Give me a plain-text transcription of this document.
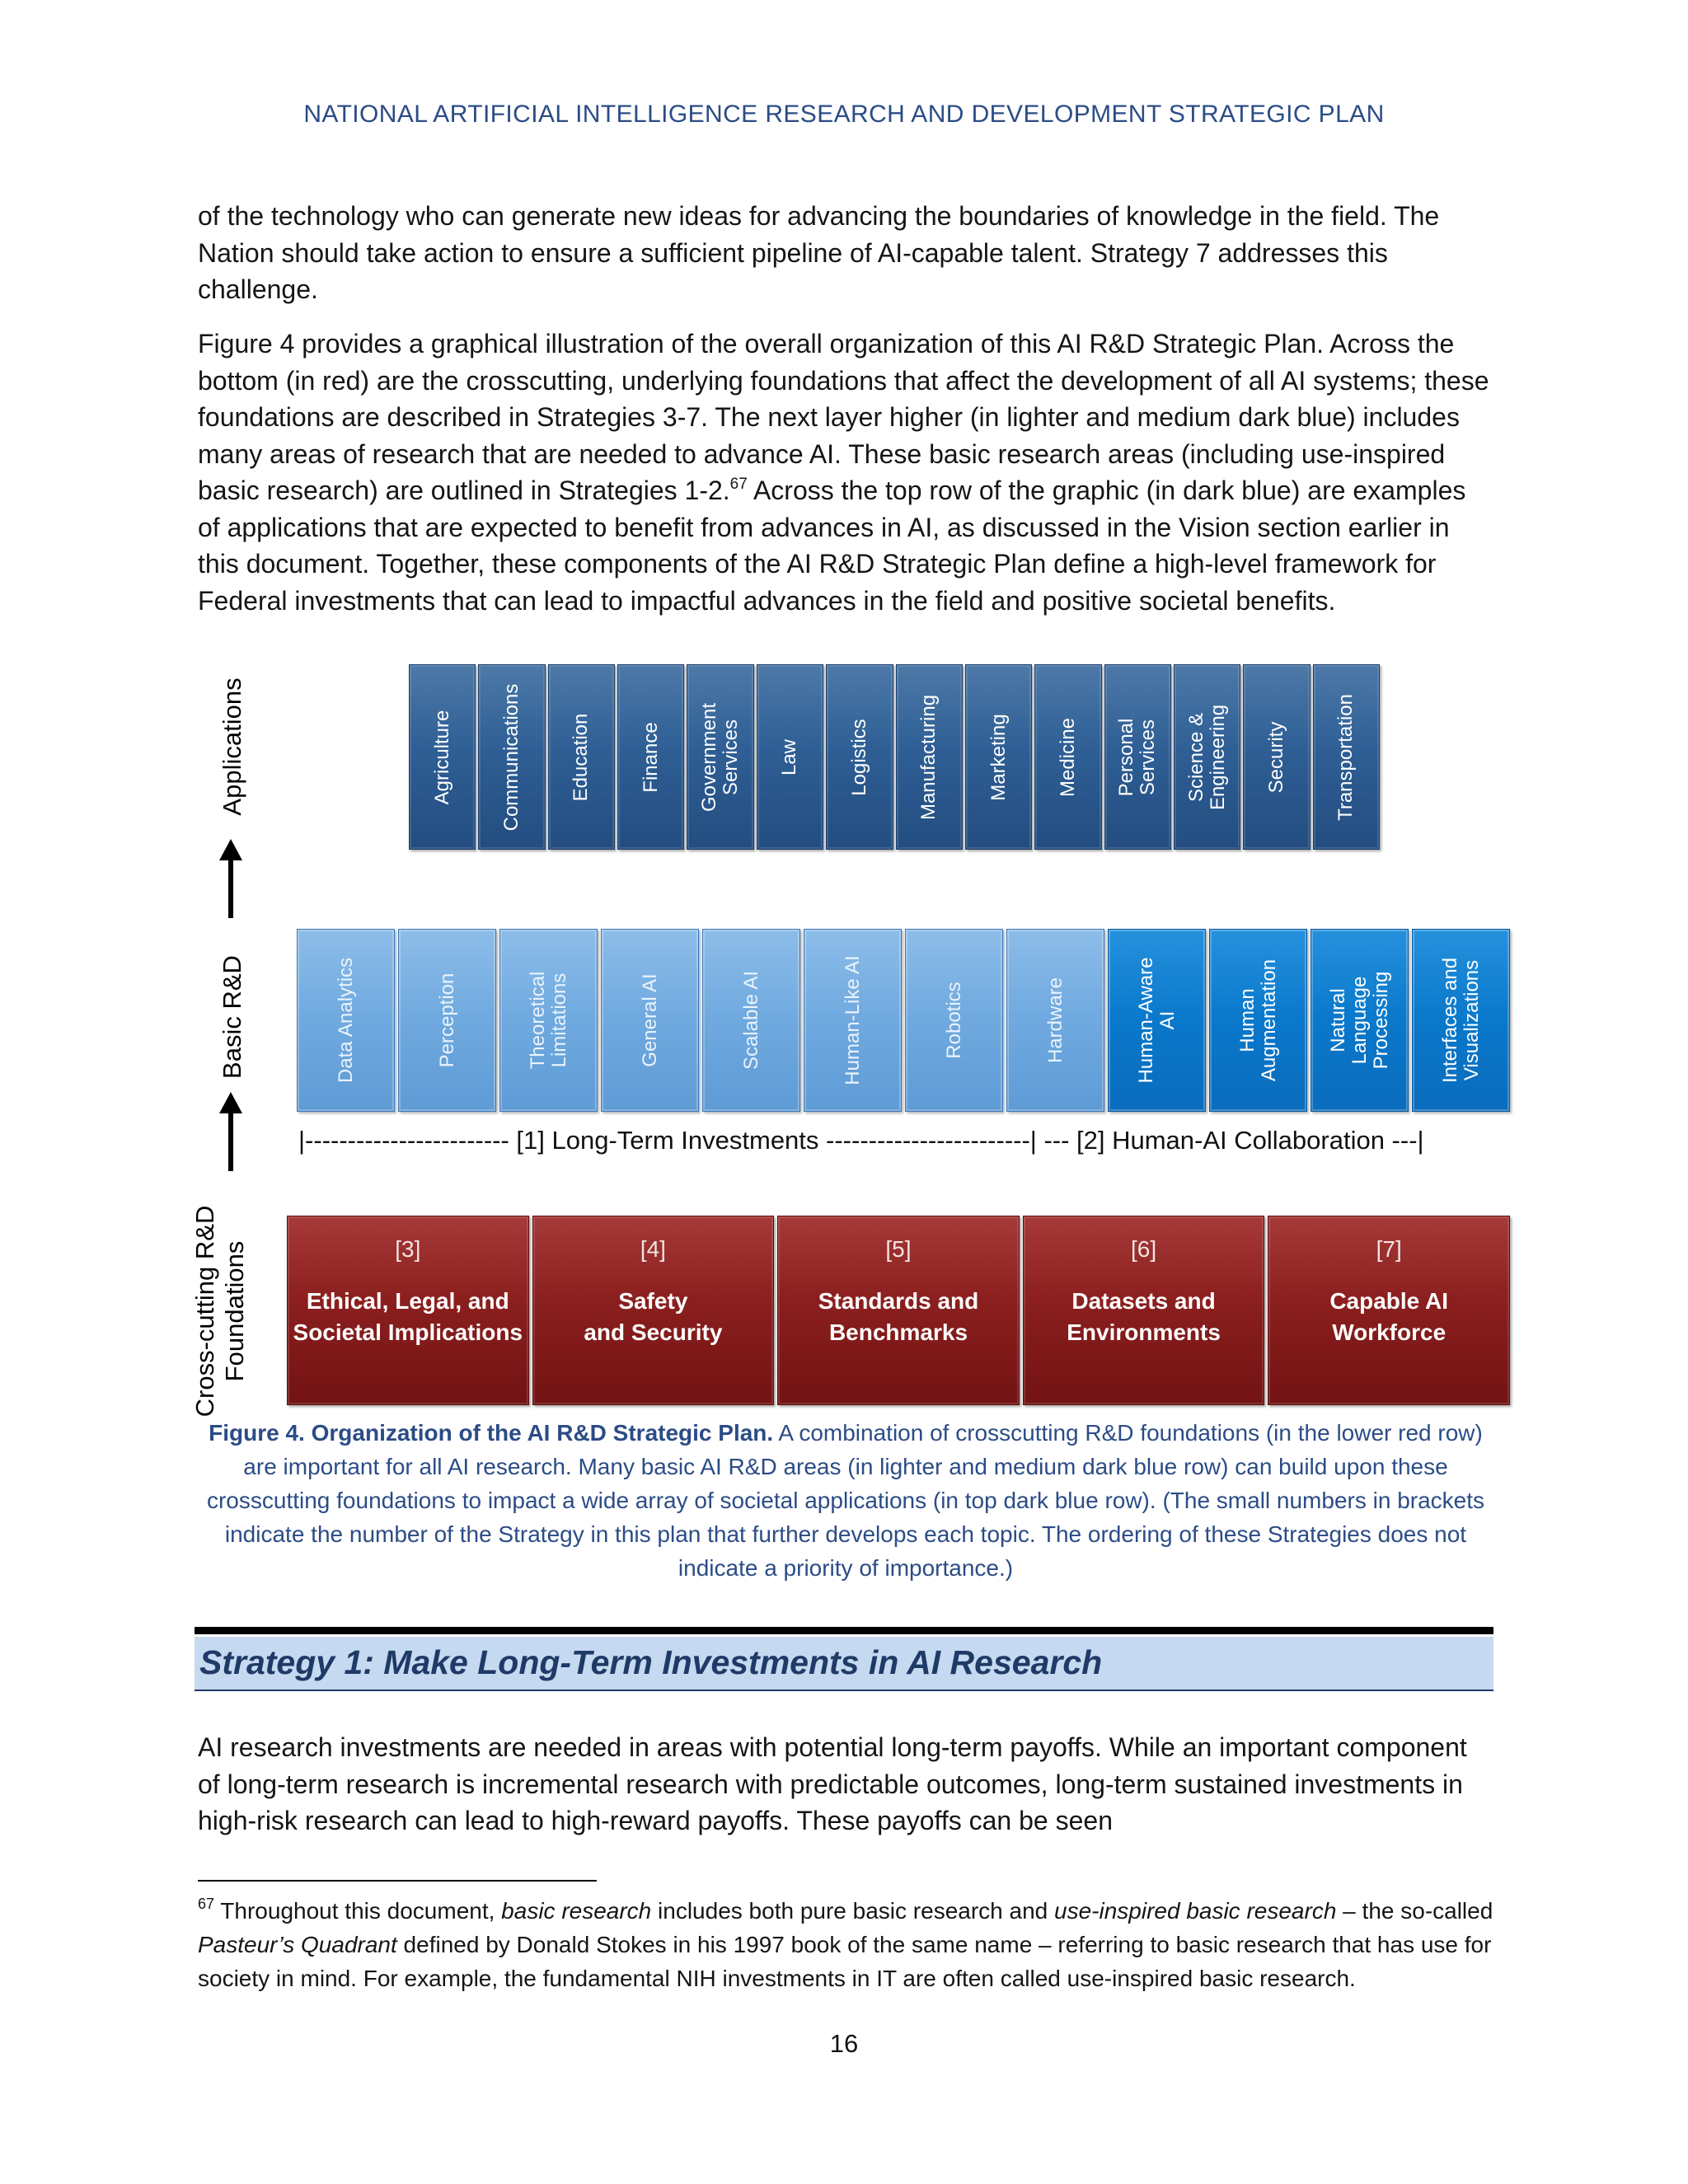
NATIONAL ARTIFICIAL INTELLIGENCE RESEARCH AND DEVELOPMENT STRATEGIC PLAN

of the technology who can generate new ideas for advancing the boundaries of knowledge in the field. The Nation should take action to ensure a sufficient pipeline of AI-capable talent. Strategy 7 addresses this challenge.

Figure 4 provides a graphical illustration of the overall organization of this AI R&D Strategic Plan. Across the bottom (in red) are the crosscutting, underlying foundations that affect the development of all AI systems; these foundations are described in Strategies 3-7. The next layer higher (in lighter and medium dark blue) includes many areas of research that are needed to advance AI. These basic research areas (including use-inspired basic research) are outlined in Strategies 1-2.67 Across the top row of the graphic (in dark blue) are examples of applications that are expected to benefit from advances in AI, as discussed in the Vision section earlier in this document. Together, these components of the AI R&D Strategic Plan define a high-level framework for Federal investments that can lead to impactful advances in the field and positive societal benefits.

Applications
Basic R&D
Cross-cutting R&D Foundations
Agriculture Communications Education Finance Government
Services Law Logistics Manufacturing Marketing Medicine Personal
Services Science &
Engineering Security Transportation
Data Analytics	Perception	Theoretical
Limitations	General AI	Scalable AI	Human-Like AI	Robotics	Hardware	Human-Aware
AI	Human
Augmentation Natural
Language
Processing Interfaces and
Visualizations
|------------------------ [1] Long-Term Investments ------------------------| --- [2] Human-AI Collaboration ---|
[3]
Ethical, Legal, and
Societal Implications
[4]
Safety
and Security
[5]
Standards and
Benchmarks
[6]
Datasets and
Environments
[7]
Capable AI
Workforce

Figure 4. Organization of the AI R&D Strategic Plan. A combination of crosscutting R&D foundations (in the lower red row) are important for all AI research. Many basic AI R&D areas (in lighter and medium dark blue row) can build upon these crosscutting foundations to impact a wide array of societal applications (in top dark blue row). (The small numbers in brackets indicate the number of the Strategy in this plan that further develops each topic. The ordering of these Strategies does not indicate a priority of importance.)

Strategy 1: Make Long-Term Investments in AI Research

AI research investments are needed in areas with potential long-term payoffs. While an important component of long-term research is incremental research with predictable outcomes, long-term sustained investments in high-risk research can lead to high-reward payoffs. These payoffs can be seen

$^{67}$ Throughout this document, basic research includes both pure basic research and use-inspired basic research – the so-called Pasteur’s Quadrant defined by Donald Stokes in his 1997 book of the same name – referring to basic research that has use for society in mind. For example, the fundamental NIH investments in IT are often called use-inspired basic research.

16
